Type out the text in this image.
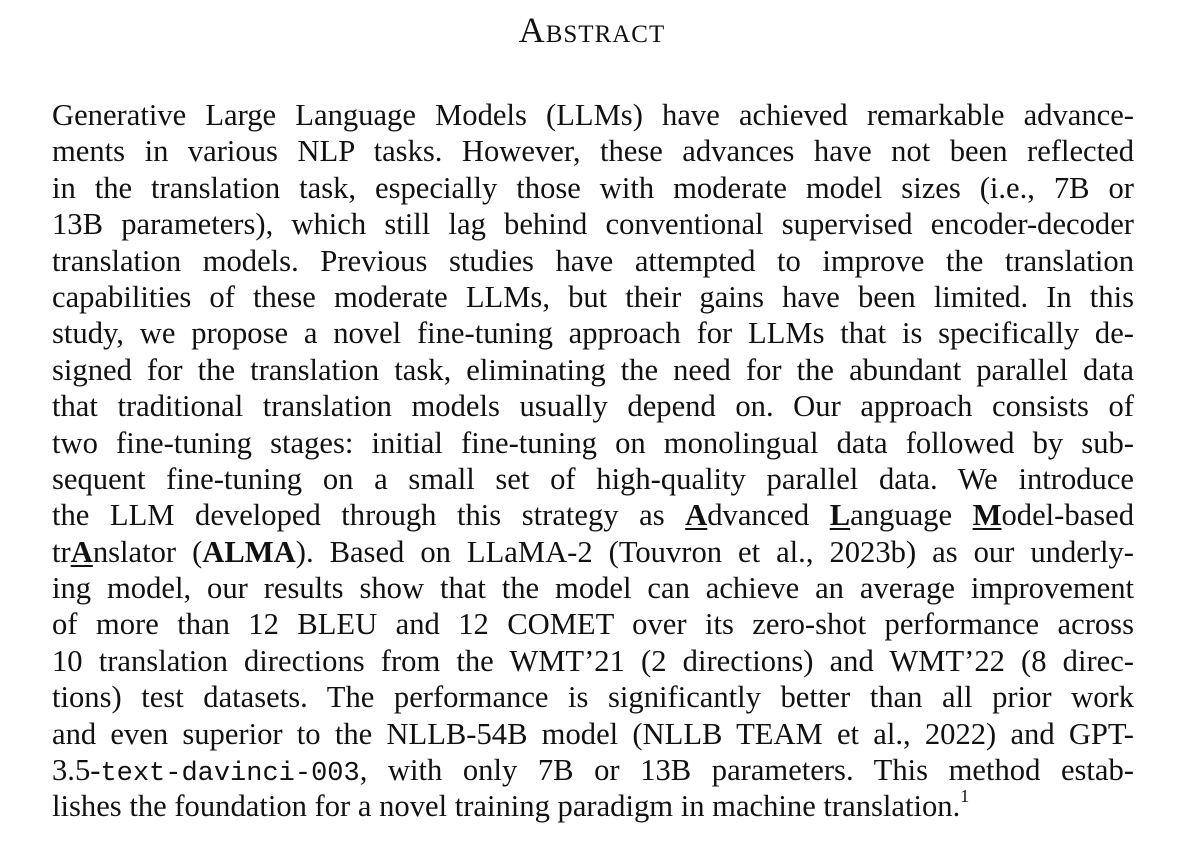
Abstract
Generative Large Language Models (LLMs) have achieved remarkable advance-
ments in various NLP tasks. However, these advances have not been reflected
in the translation task, especially those with moderate model sizes (i.e., 7B or
13B parameters), which still lag behind conventional supervised encoder-decoder
translation models. Previous studies have attempted to improve the translation
capabilities of these moderate LLMs, but their gains have been limited. In this
study, we propose a novel fine-tuning approach for LLMs that is specifically de-
signed for the translation task, eliminating the need for the abundant parallel data
that traditional translation models usually depend on. Our approach consists of
two fine-tuning stages: initial fine-tuning on monolingual data followed by sub-
sequent fine-tuning on a small set of high-quality parallel data. We introduce
the LLM developed through this strategy as Advanced Language Model-based
trAnslator (ALMA). Based on LLaMA-2 (Touvron et al., 2023b) as our underly-
ing model, our results show that the model can achieve an average improvement
of more than 12 BLEU and 12 COMET over its zero-shot performance across
10 translation directions from the WMT’21 (2 directions) and WMT’22 (8 direc-
tions) test datasets. The performance is significantly better than all prior work
and even superior to the NLLB-54B model (NLLB TEAM et al., 2022) and GPT-
3.5-text-davinci-003, with only 7B or 13B parameters. This method estab-
lishes the foundation for a novel training paradigm in machine translation.$^1$
